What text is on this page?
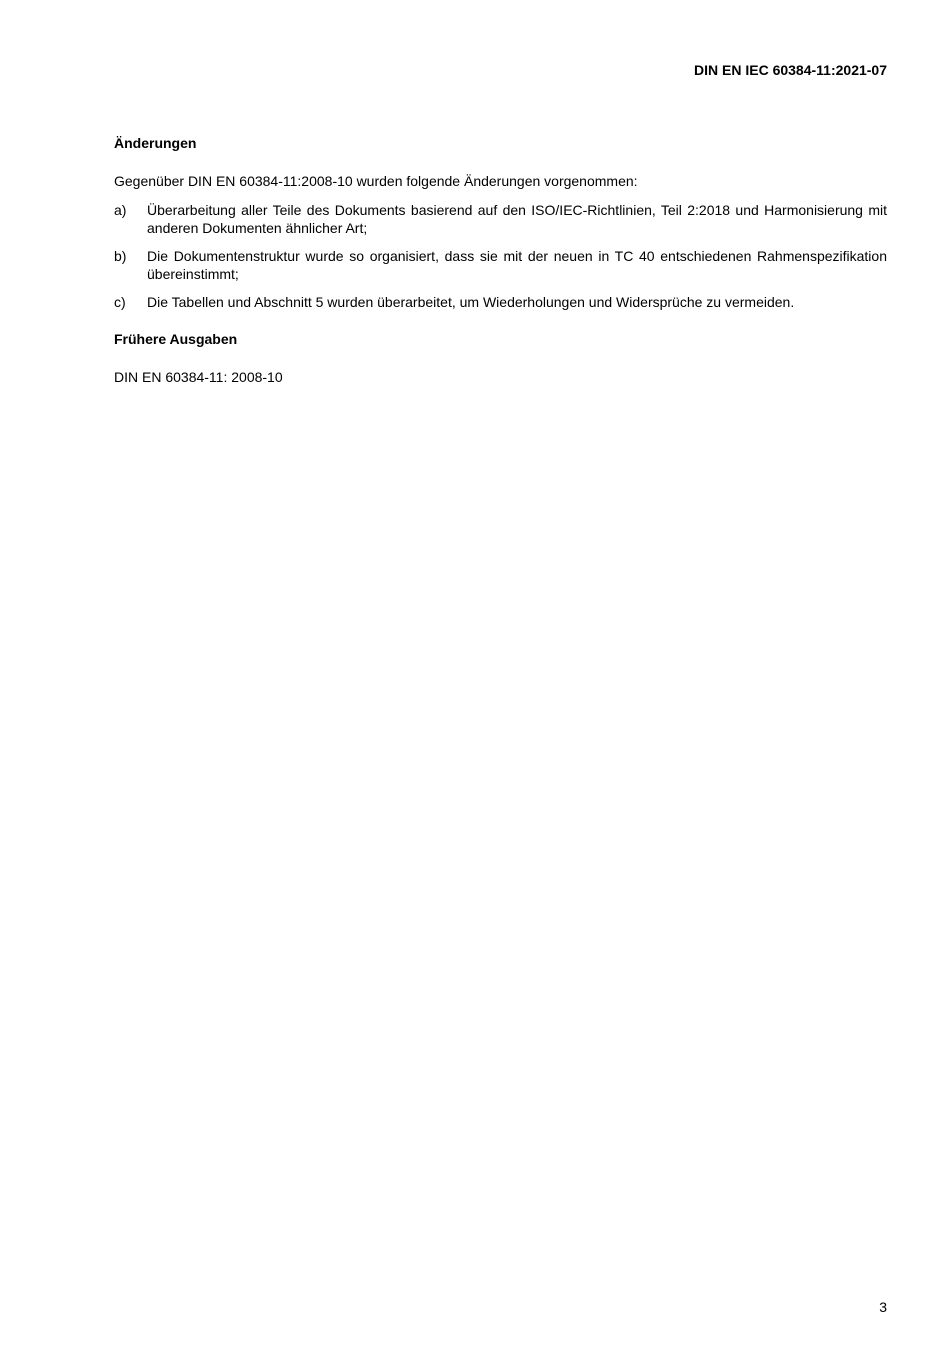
DIN EN IEC 60384-11:2021-07
Änderungen

Gegenüber DIN EN 60384-11:2008-10 wurden folgende Änderungen vorgenommen:

a)	Überarbeitung aller Teile des Dokuments basierend auf den ISO/IEC-Richtlinien, Teil 2:2018 und Harmonisierung mit anderen Dokumenten ähnlicher Art;
b)	Die Dokumentenstruktur wurde so organisiert, dass sie mit der neuen in TC 40 entschiedenen Rahmenspezifikation übereinstimmt;
c)	Die Tabellen und Abschnitt 5 wurden überarbeitet, um Wiederholungen und Widersprüche zu vermeiden.
Frühere Ausgaben

DIN EN 60384-11: 2008-10

3
